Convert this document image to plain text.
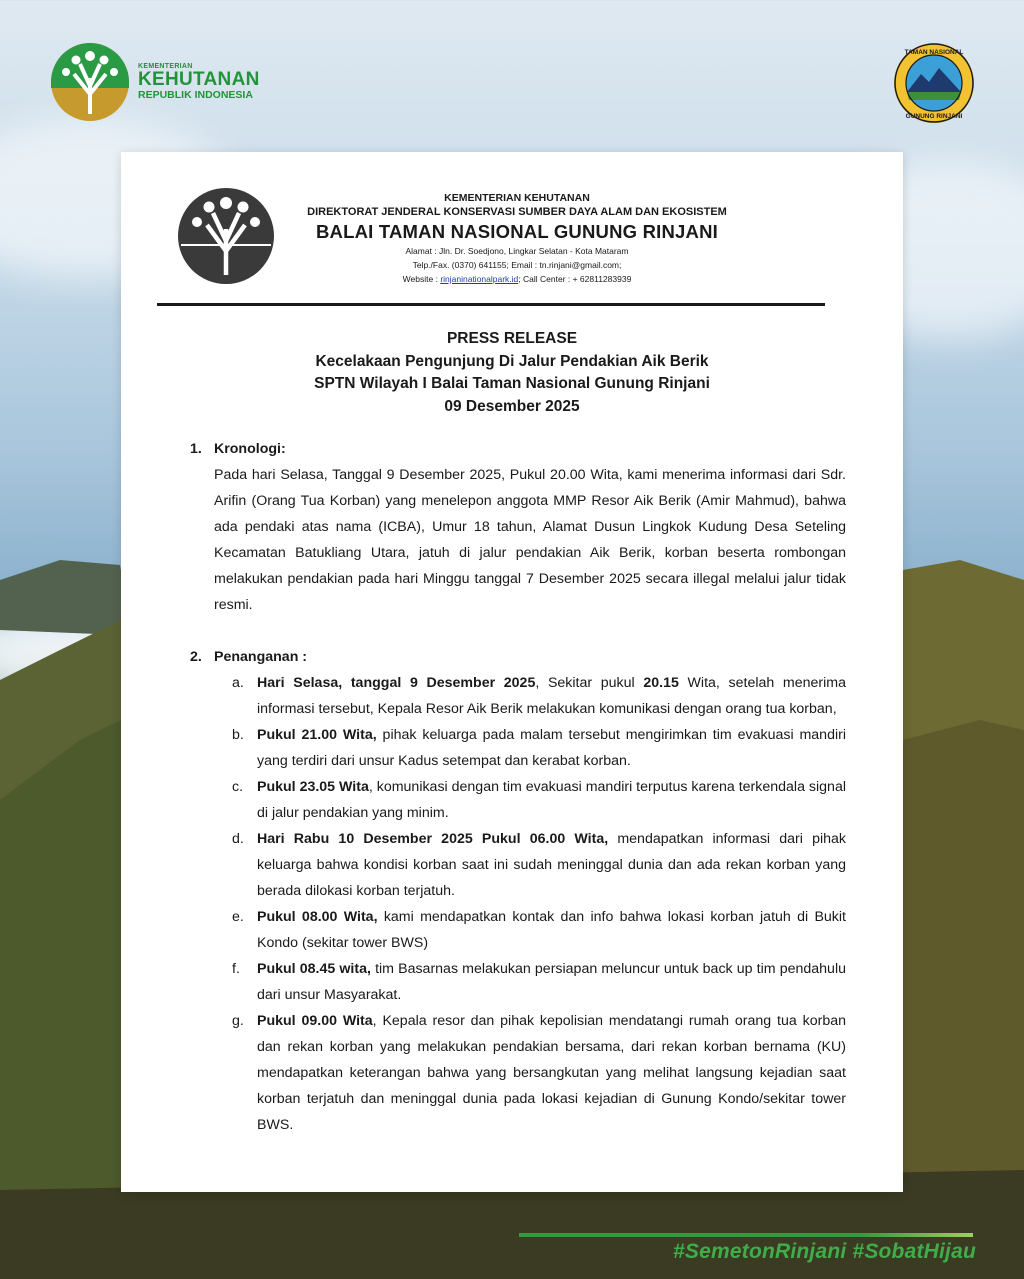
KEMENTERIAN
KEHUTANAN
REPUBLIK INDONESIA
TAMAN NASIONAL
GUNUNG RINJANI
KEMENTERIAN KEHUTANAN
DIREKTORAT JENDERAL KONSERVASI SUMBER DAYA ALAM DAN EKOSISTEM
BALAI TAMAN NASIONAL GUNUNG RINJANI
Alamat : Jln. Dr. Soedjono, Lingkar Selatan - Kota Mataram
Telp./Fax. (0370) 641155; Email : tn.rinjani@gmail.com;
Website : rinjaninationalpark.id; Call Center : + 62811283939
PRESS RELEASE
Kecelakaan Pengunjung Di Jalur Pendakian Aik Berik
SPTN Wilayah I Balai Taman Nasional Gunung Rinjani
09 Desember 2025
1. Kronologi:
Pada hari Selasa, Tanggal 9 Desember 2025, Pukul 20.00 Wita, kami menerima informasi dari Sdr. Arifin (Orang Tua Korban) yang menelepon anggota MMP Resor Aik Berik (Amir Mahmud), bahwa ada pendaki atas nama (ICBA), Umur 18 tahun, Alamat Dusun Lingkok Kudung Desa Seteling Kecamatan Batukliang Utara, jatuh di jalur pendakian Aik Berik, korban beserta rombongan melakukan pendakian pada hari Minggu tanggal 7 Desember 2025 secara illegal melalui jalur tidak resmi.
2. Penanganan :
a. Hari Selasa, tanggal 9 Desember 2025, Sekitar pukul 20.15 Wita, setelah menerima informasi tersebut, Kepala Resor Aik Berik melakukan komunikasi dengan orang tua korban,
b. Pukul 21.00 Wita, pihak keluarga pada malam tersebut mengirimkan tim evakuasi mandiri yang terdiri dari unsur Kadus setempat dan kerabat korban.
c. Pukul 23.05 Wita, komunikasi dengan tim evakuasi mandiri terputus karena terkendala signal di jalur pendakian yang minim.
d. Hari Rabu 10 Desember 2025 Pukul 06.00 Wita, mendapatkan informasi dari pihak keluarga bahwa kondisi korban saat ini sudah meninggal dunia dan ada rekan korban yang berada dilokasi korban terjatuh.
e. Pukul 08.00 Wita, kami mendapatkan kontak dan info bahwa lokasi korban jatuh di Bukit Kondo (sekitar tower BWS)
f. Pukul 08.45 wita, tim Basarnas melakukan persiapan meluncur untuk back up tim pendahulu dari unsur Masyarakat.
g. Pukul 09.00 Wita, Kepala resor dan pihak kepolisian mendatangi rumah orang tua korban dan rekan korban yang melakukan pendakian bersama, dari rekan korban bernama (KU) mendapatkan keterangan bahwa yang bersangkutan yang melihat langsung kejadian saat korban terjatuh dan meninggal dunia pada lokasi kejadian di Gunung Kondo/sekitar tower BWS.
#SemetonRinjani #SobatHijau
